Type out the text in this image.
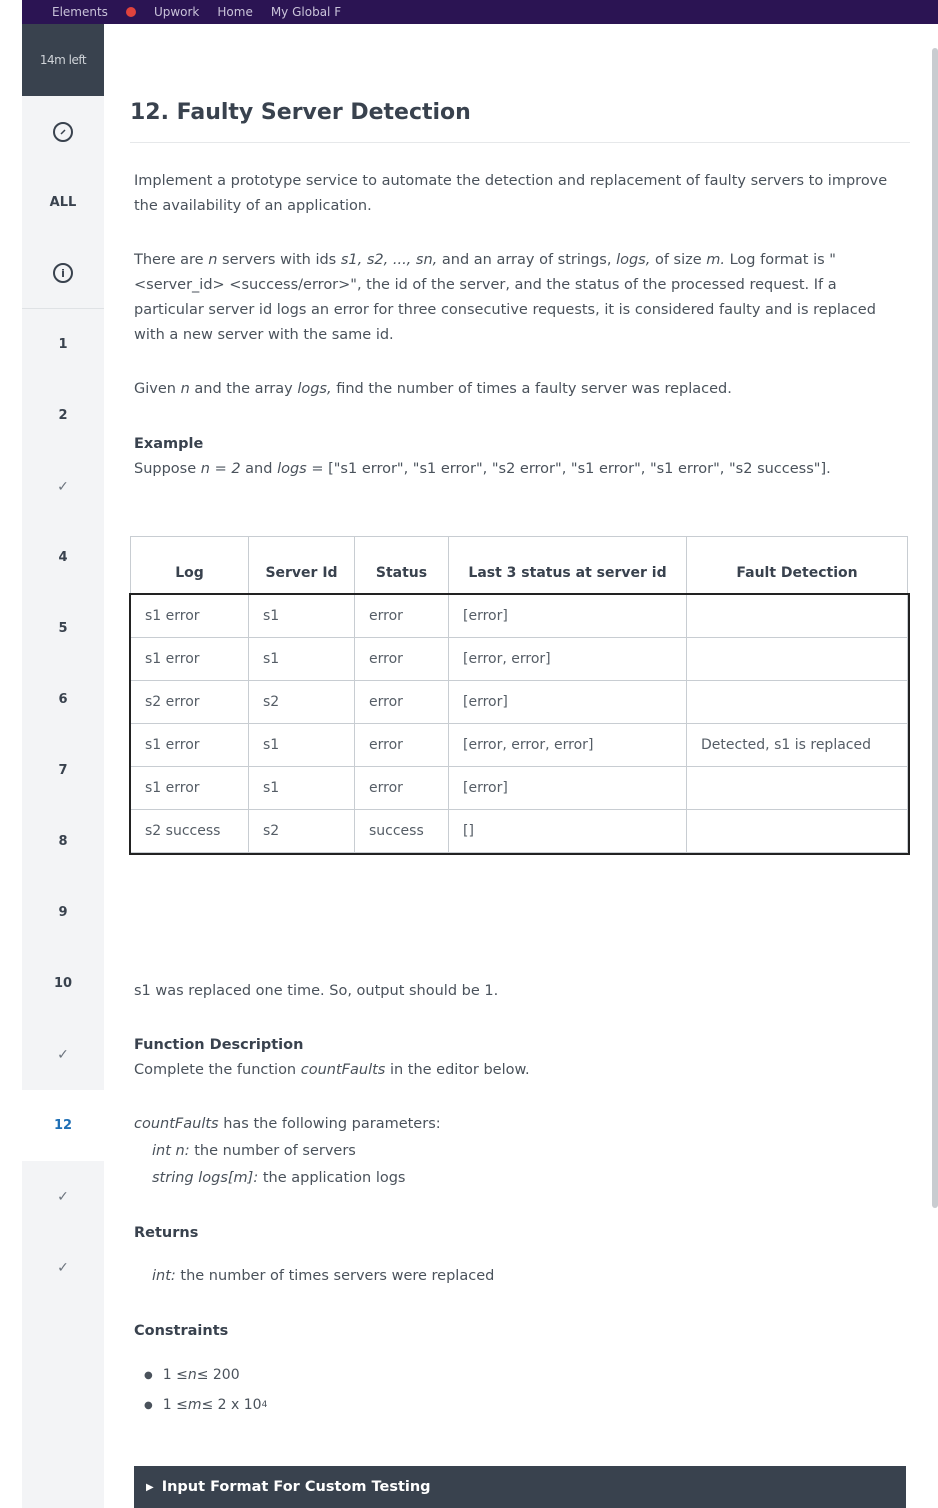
Elements	Upwork Home My Global F
14m left
ALL
i
1
2
✓
4
5
6
7
8
9
10
✓
12
✓
✓
12. Faulty Server Detection
Implement a prototype service to automate the detection and replacement of faulty servers to improve the availability of an application.
There are n servers with ids s1, s2, ..., sn, and an array of strings, logs, of size m. Log format is "<server_id> <success/error>", the id of the server, and the status of the processed request. If a particular server id logs an error for three consecutive requests, it is considered faulty and is replaced with a new server with the same id.
Given n and the array logs, find the number of times a faulty server was replaced.
Example
Suppose n = 2 and logs = ["s1 error", "s1 error", "s2 error", "s1 error", "s1 error", "s2 success"].
Log	Server Id	Status	Last 3 status at server id	Fault Detection
s1 error	s1	error	[error]	
s1 error	s1	error	[error, error]	
s2 error	s2	error	[error]	
s1 error	s1	error	[error, error, error]	Detected, s1 is replaced
s1 error	s1	error	[error]	
s2 success	s2	success	[]	
s1 was replaced one time. So, output should be 1.
Function Description
Complete the function countFaults in the editor below.
countFaults has the following parameters:
int n: the number of servers
string logs[m]: the application logs
Returns
int: the number of times servers were replaced
Constraints
● 1 ≤ n ≤ 200
● 1 ≤ m ≤ 2 x 10 4
▶ Input Format For Custom Testing
